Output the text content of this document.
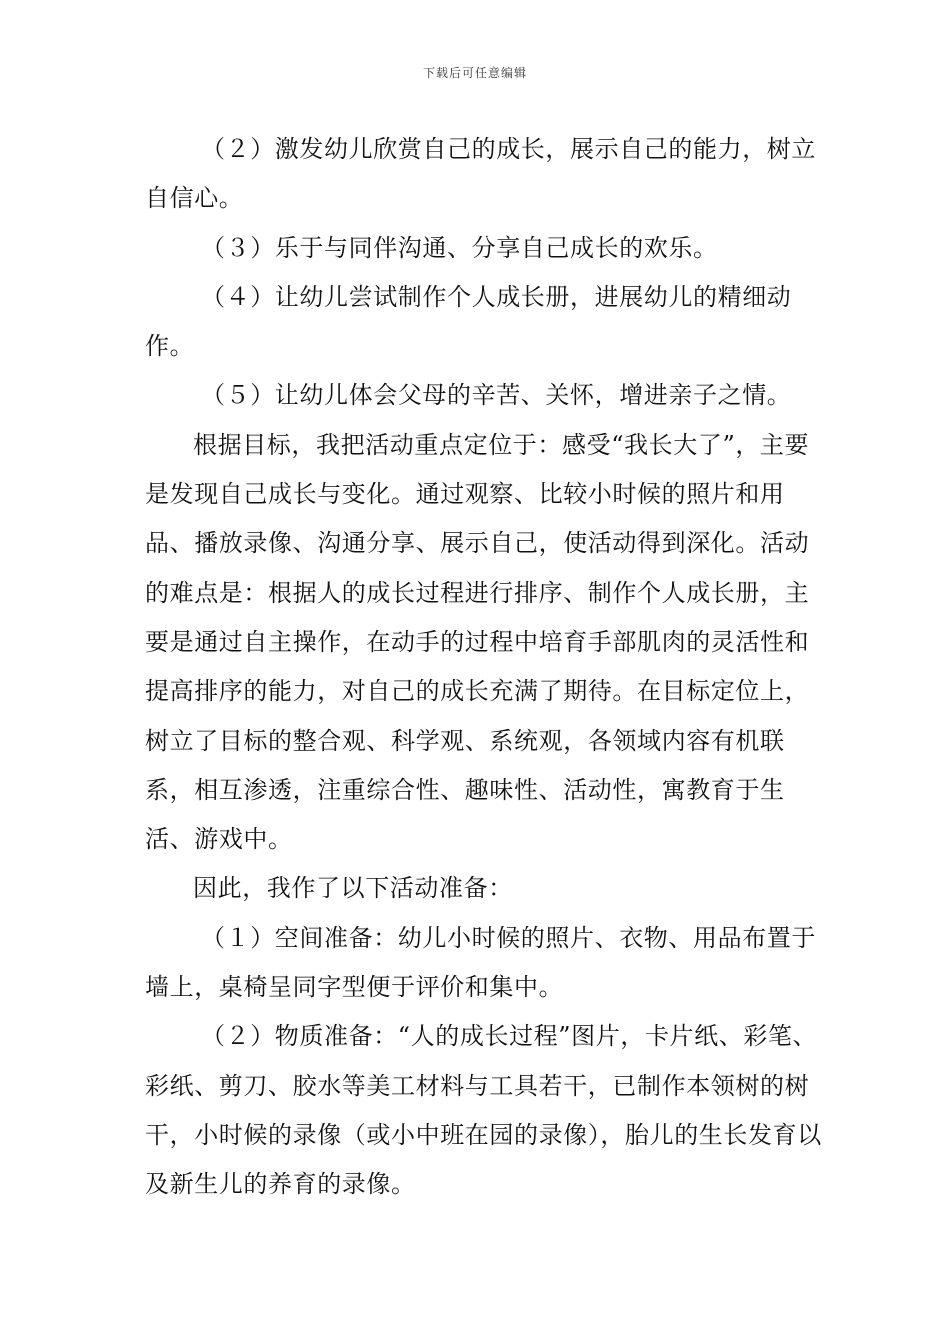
下载后可任意编辑

（２）激发幼儿欣赏自己的成长，展示自己的能力，树立自信心。

（３）乐于与同伴沟通、分享自己成长的欢乐。

（４）让幼儿尝试制作个人成长册，进展幼儿的精细动作。

（５）让幼儿体会父母的辛苦、关怀，增进亲子之情。

根据目标，我把活动重点定位于：感受“我长大了”，主要是发现自己成长与变化。通过观察、比较小时候的照片和用品、播放录像、沟通分享、展示自己，使活动得到深化。活动的难点是：根据人的成长过程进行排序、制作个人成长册，主要是通过自主操作，在动手的过程中培育手部肌肉的灵活性和提高排序的能力，对自己的成长充满了期待。在目标定位上，树立了目标的整合观、科学观、系统观，各领域内容有机联系，相互渗透，注重综合性、趣味性、活动性，寓教育于生活、游戏中。

因此，我作了以下活动准备：

（１）空间准备：幼儿小时候的照片、衣物、用品布置于墙上，桌椅呈同字型便于评价和集中。

（２）物质准备：“人的成长过程”图片，卡片纸、彩笔、彩纸、剪刀、胶水等美工材料与工具若干，已制作本领树的树干，小时候的录像（或小中班在园的录像），胎儿的生长发育以及新生儿的养育的录像。
